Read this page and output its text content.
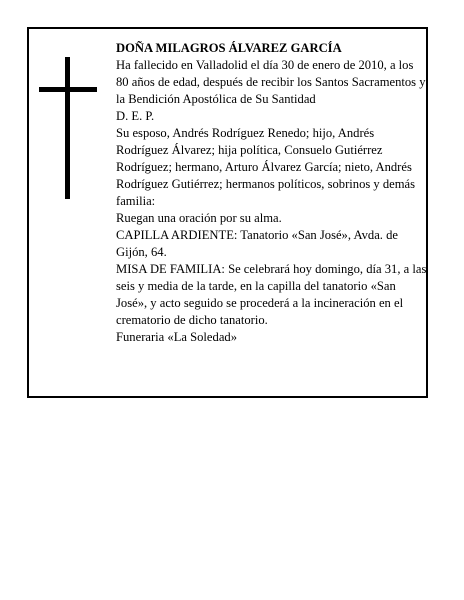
DOÑA MILAGROS ÁLVAREZ GARCÍA

Ha fallecido en Valladolid el día 30 de enero de 2010, a los 80 años de edad, después de recibir los Santos Sacramentos y la Bendición Apostólica de Su Santidad

D. E. P.

Su esposo, Andrés Rodríguez Renedo; hijo, Andrés Rodríguez Álvarez; hija política, Consuelo Gutiérrez Rodríguez; hermano, Arturo Álvarez García; nieto, Andrés Rodríguez Gutiérrez; hermanos políticos, sobrinos y demás familia:

Ruegan una oración por su alma.

CAPILLA ARDIENTE: Tanatorio «San José», Avda. de Gijón, 64.

MISA DE FAMILIA: Se celebrará hoy domingo, día 31, a las seis y media de la tarde, en la capilla del tanatorio «San José», y acto seguido se procederá a la incineración en el crematorio de dicho tanatorio.

Funeraria «La Soledad»
